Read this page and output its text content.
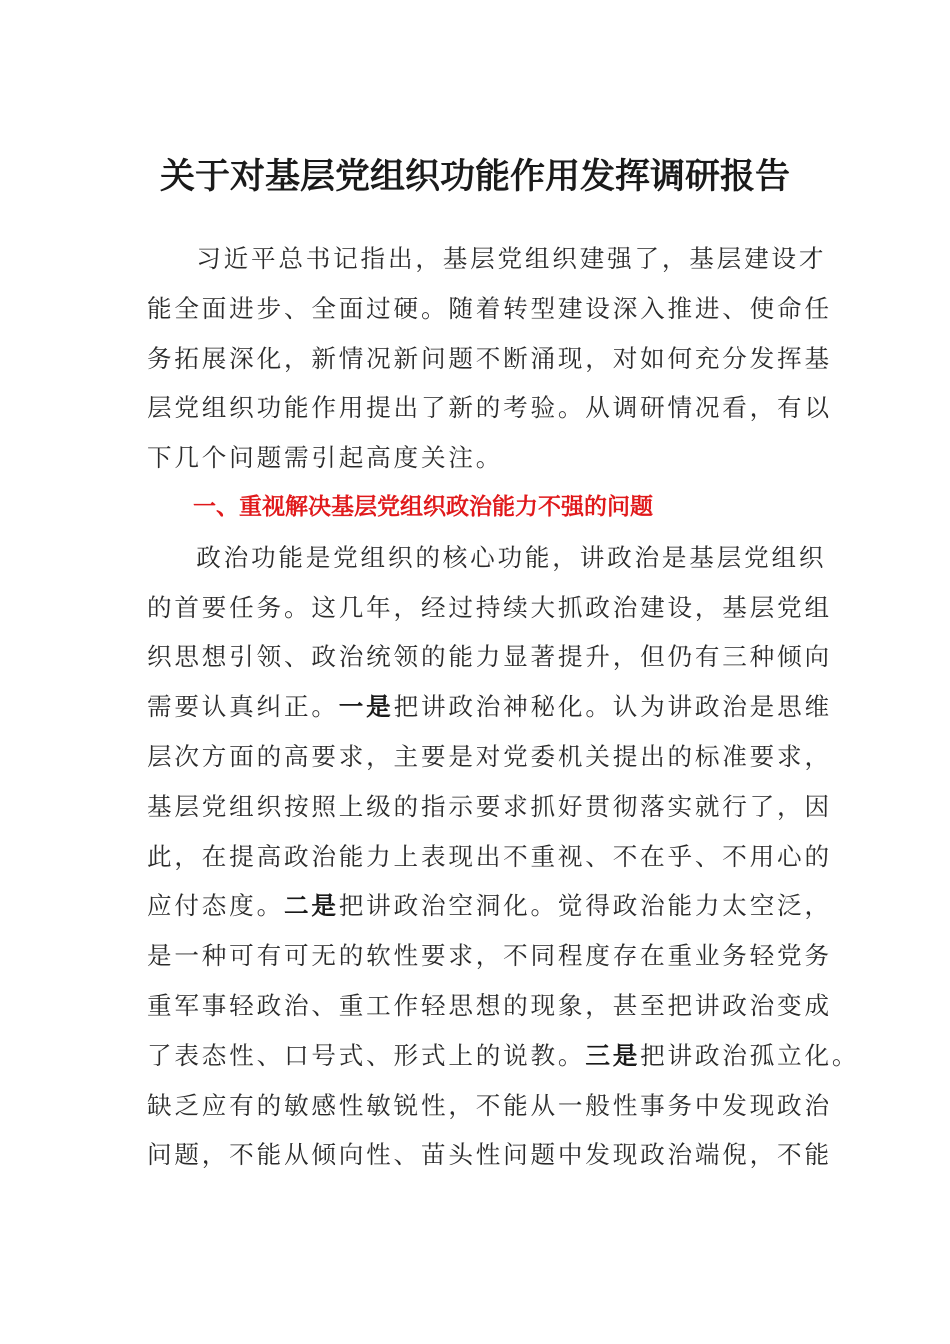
关于对基层党组织功能作用发挥调研报告
习近平总书记指出，基层党组织建强了，基层建设才
能全面进步、全面过硬。随着转型建设深入推进、使命任
务拓展深化，新情况新问题不断涌现，对如何充分发挥基
层党组织功能作用提出了新的考验。从调研情况看，有以
下几个问题需引起高度关注。
一、重视解决基层党组织政治能力不强的问题
政治功能是党组织的核心功能，讲政治是基层党组织
的首要任务。这几年，经过持续大抓政治建设，基层党组
织思想引领、政治统领的能力显著提升，但仍有三种倾向
需要认真纠正。一是把讲政治神秘化。认为讲政治是思维
层次方面的高要求，主要是对党委机关提出的标准要求，
基层党组织按照上级的指示要求抓好贯彻落实就行了，因
此，在提高政治能力上表现出不重视、不在乎、不用心的
应付态度。二是把讲政治空洞化。觉得政治能力太空泛，
是一种可有可无的软性要求，不同程度存在重业务轻党务
重军事轻政治、重工作轻思想的现象，甚至把讲政治变成
了表态性、口号式、形式上的说教。三是把讲政治孤立化。
缺乏应有的敏感性敏锐性，不能从一般性事务中发现政治
问题，不能从倾向性、苗头性问题中发现政治端倪，不能
